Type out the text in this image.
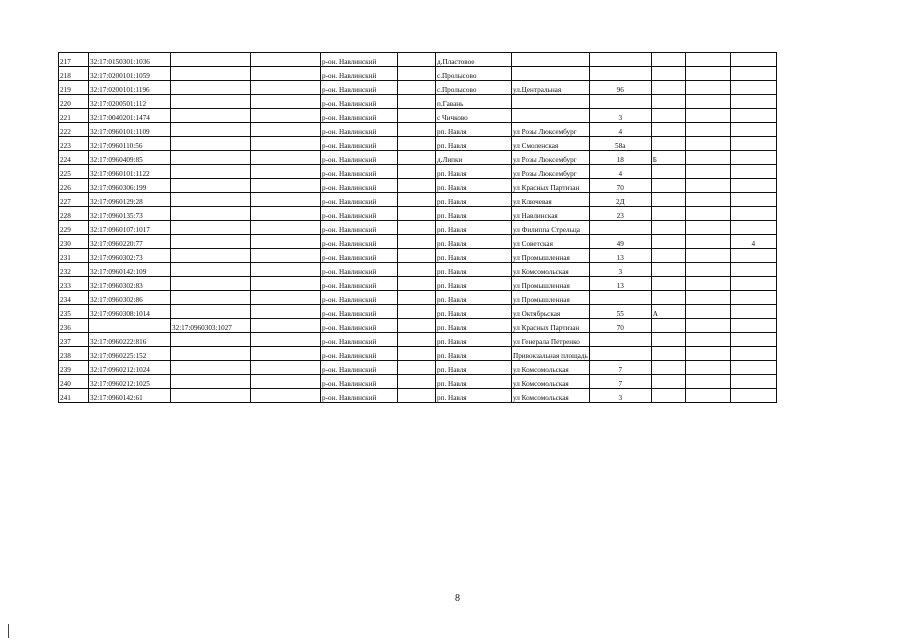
217	32:17:0150301:1036			р-он. Навлинский		д.Пластовое					
218	32:17:0200101:1059			р-он. Навлинский		с.Пролысово					
219	32:17:0200101:1196			р-он. Навлинский		с.Пролысово	ул.Центральная	96			
220	32:17:0200501:112			р-он. Навлинский		п.Гавань					
221	32:17:0040201:1474			р-он. Навлинский		с Чичково		3			
222	32:17:0960101:1109			р-он. Навлинский		рп. Навля	ул Розы Люксембург	4			
223	32:17:0960110:56			р-он. Навлинский		рп. Навля	ул Смоленская	58а			
224	32:17:0960409:85			р-он. Навлинский		д.Липки	ул Розы Люксембург	18	Б		
225	32:17:0960101:1122			р-он. Навлинский		рп. Навля	ул Розы Люксембург	4			
226	32:17:0960306:199			р-он. Навлинский		рп. Навля	ул Красных Партизан	70			
227	32:17:0960129:28			р-он. Навлинский		рп. Навля	ул Ключевая	2Д			
228	32:17:0960135:73			р-он. Навлинский		рп. Навля	ул Навлинская	23			
229	32:17:0960107:1017			р-он. Навлинский		рп. Навля	ул Филиппа Стрельца				
230	32:17:0960220:77			р-он. Навлинский		рп. Навля	ул Советская	49			4
231	32:17:0960302:73			р-он. Навлинский		рп. Навля	ул Промышленная	13			
232	32:17:0960142:109			р-он. Навлинский		рп. Навля	ул Комсомольская	3			
233	32:17:0960302:83			р-он. Навлинский		рп. Навля	ул Промышленная	13			
234	32:17:0960302:86			р-он. Навлинский		рп. Навля	ул Промышленная				
235	32:17:0960308:1014			р-он. Навлинский		рп. Навля	ул Октябрьская	55	А		
236		32:17:0960303:1027		р-он. Навлинский		рп. Навля	ул Красных Партизан	70			
237	32:17:0960222:816			р-он. Навлинский		рп. Навля	ул Генерала Петренко				
238	32:17:0960225:152			р-он. Навлинский		рп. Навля	Привокзальная площадь				
239	32:17:0960212:1024			р-он. Навлинский		рп. Навля	ул Комсомольская	7			
240	32:17:0960212:1025			р-он. Навлинский		рп. Навля	ул Комсомольская	7			
241	32:17:0960142:61			р-он. Навлинский		рп. Навля	ул Комсомольская	3			
8
